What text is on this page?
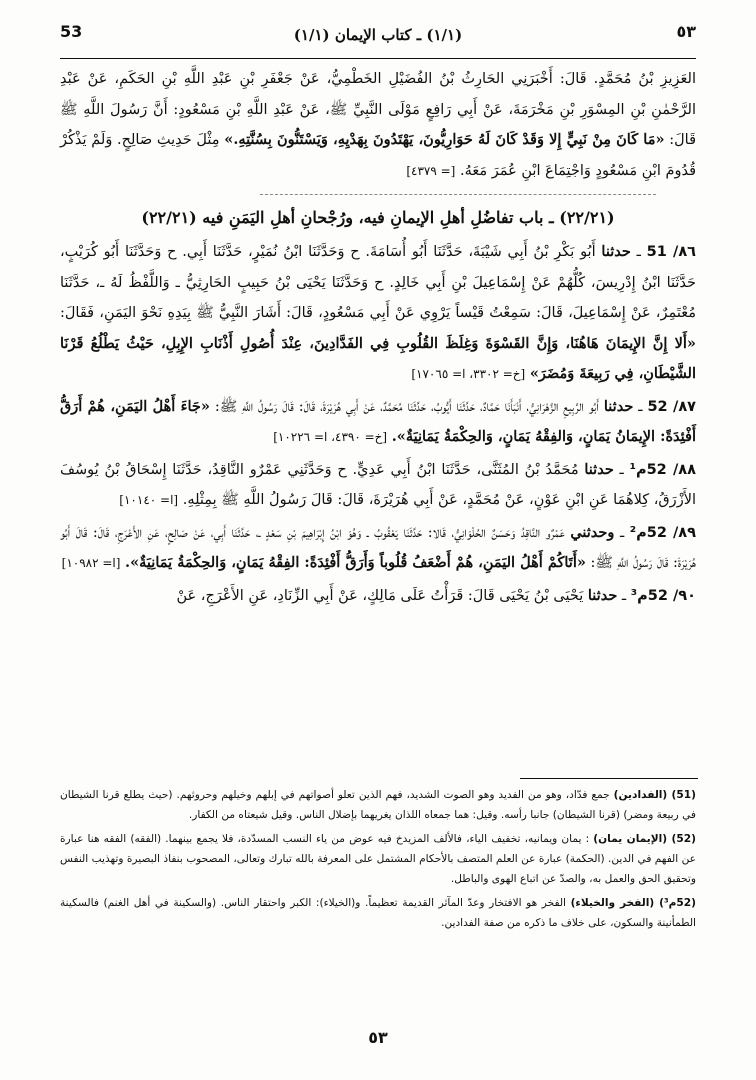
53	(١/١) ـ كتاب الإيمان (١/١)	٥٣

العَزِيزِ بْنُ مُحَمَّدٍ. قَالَ: أَخْبَرَنِي الحَارِثُ بْنُ الفُضَيْلِ الخَطْمِيُّ، عَنْ جَعْفَرِ بْنِ عَبْدِ اللَّهِ بْنِ الحَكَمِ، عَنْ عَبْدِ الرَّحْمٰنِ بْنِ المِسْوَرِ بْنِ مَخْرَمَةَ، عَنْ أَبِي رَافِعٍ مَوْلَى النَّبِيِّ ﷺ، عَنْ عَبْدِ اللَّهِ بْنِ مَسْعُودٍ: أَنَّ رَسُولَ اللَّهِ ﷺ قَالَ: «مَا كَانَ مِنْ نَبِيٍّ إِلا وَقَدْ كَانَ لَهُ حَوَارِيُّونَ، يَهْتَدُونَ بِهَدْيِهِ، وَيَسْتَنُّونَ بِسُنَّتِهِ.» مِثْلَ حَدِيثِ صَالِحٍ. وَلَمْ يَذْكُرْ قُدُومَ ابْنِ مَسْعُودٍ وَاجْتِمَاعَ ابْنِ عُمَرَ مَعَهُ. [= ٤٣٧٩]

(٢٢/٢١) ـ باب تفاضُلِ أهلِ الإيمانِ فيه، ورُجْحانِ أهلِ اليَمَنِ فيه (٢٢/٢١)

٨٦/ 51 ـ حدثنا أَبُو بَكْرِ بْنُ أَبِي شَيْبَةَ، حَدَّثَنَا أَبُو أُسَامَةَ. ح وَحَدَّثَنَا ابْنُ نُمَيْرٍ، حَدَّثَنَا أَبِي. ح وَحَدَّثَنَا أَبُو كُرَيْبٍ، حَدَّثَنَا ابْنُ إِدْرِيسَ، كُلُّهُمْ عَنْ إِسْمَاعِيلَ بْنِ أَبِي خَالِدٍ. ح وَحَدَّثَنَا يَحْيَى بْنُ حَبِيبٍ الحَارِثِيُّ ـ وَاللَّفْظُ لَهُ ـ، حَدَّثَنَا مُعْتَمِرٌ، عَنْ إِسْمَاعِيلَ، قَالَ: سَمِعْتُ قَيْساً يَرْوِي عَنْ أَبِي مَسْعُودٍ، قَالَ: أَشَارَ النَّبِيُّ ﷺ بِيَدِهِ نَحْوَ اليَمَنِ، فَقَالَ: «أَلا إِنَّ الإِيمَانَ هَاهُنَا، وَإِنَّ القَسْوَةَ وَغِلَظَ القُلُوبِ فِي الفَدَّادِينَ، عِنْدَ أُصُولِ أَذْنَابِ الإِبِلِ، حَيْثُ يَطْلُعُ قَرْنَا الشَّيْطَانِ، فِي رَبِيعَةَ وَمُضَرَ» [خ= ٣٣٠٢، ا= ١٧٠٦٥]

٨٧/ 52 ـ حدثنا أَبُو الرَّبِيعِ الزَّهْرَانِيُّ، أَنْبَأَنَا حَمَّادٌ، حَدَّثَنَا أَيُّوبُ، حَدَّثَنَا مُحَمَّدٌ، عَنْ أَبِي هُرَيْرَةَ، قَالَ: قَالَ رَسُولُ اللَّهِ ﷺ: «جَاءَ أَهْلُ اليَمَنِ، هُمْ أَرَقُّ أَفْئِدَةً: الإِيمَانُ يَمَانٍ، وَالفِقْهُ يَمَانٍ، وَالحِكْمَةُ يَمَانِيَةٌ». [خ= ٤٣٩٠، ا= ١٠٢٢٦]

٨٨/ 52م¹ ـ حدثنا مُحَمَّدُ بْنُ المُثَنَّى، حَدَّثَنَا ابْنُ أَبِي عَدِيٍّ. ح وَحَدَّثَنِي عَمْرٌو النَّاقِدُ، حَدَّثَنَا إِسْحَاقُ بْنُ يُوسُفَ الأَزْرَقُ، كِلاهُمَا عَنِ ابْنِ عَوْنٍ، عَنْ مُحَمَّدٍ، عَنْ أَبِي هُرَيْرَةَ، قَالَ: قَالَ رَسُولُ اللَّهِ ﷺ بِمِثْلِهِ. [ا= ١٠١٤٠]

٨٩/ 52م² ـ وحدثني عَمْرٌو النَّاقِدُ وَحَسَنٌ الحُلْوَانِيُّ، قَالا: حَدَّثَنَا يَعْقُوبُ ـ وَهُوَ ابْنُ إِبْرَاهِيمَ بْنِ سَعْدٍ ـ، حَدَّثَنَا أَبِي، عَنْ صَالِحٍ، عَنِ الأَعْرَجِ، قَالَ: قَالَ أَبُو هُرَيْرَةَ: قَالَ رَسُولُ اللَّهِ ﷺ: «أَتَاكُمْ أَهْلُ اليَمَنِ، هُمْ أَضْعَفُ قُلُوباً وَأَرَقُّ أَفْئِدَةً: الفِقْهُ يَمَانٍ، وَالحِكْمَةُ يَمَانِيَةٌ». [ا= ١٠٩٨٢]

٩٠/ 52م³ ـ حدثنا يَحْيَى بْنُ يَحْيَى قَالَ: قَرَأْتُ عَلَى مَالِكٍ، عَنْ أَبِي الزِّنَادِ، عَنِ الأَعْرَجِ، عَنْ

(51) (الفدادين) جمع فدّاد، وهو من الفديد وهو الصوت الشديد، فهم الذين تعلو أصواتهم في إبلهم وخيلهم وحروثهم. (حيث يطلع قرنا الشيطان في ربيعة ومضر) (قرنا الشيطان) جانبا رأسه. وقيل: هما جمعاه اللذان يغريهما بإضلال الناس. وقيل شيعتاه من الكفار.

(52) (الإيمان يمان) : يمان ويمانيه، تخفيف الياء، فالألف المزيدخ فيه عوض من ياء النسب المسدّدة، فلا يجمع بينهما. (الفقه) الفقه هنا عبارة عن الفهم في الدين. (الحكمة) عبارة عن العلم المتصف بالأحكام المشتمل على المعرفة بالله تبارك وتعالى، المصحوب بنفاذ البصيرة وتهذيب النفس وتحقيق الحق والعمل به، والصدّ عن اتباع الهوى والباطل.

(52م³) (الفخر والخيلاء) الفخر هو الافتخار وعدّ المآثر القديمة تعظيماً. و(الخيلاء): الكبر واحتقار الناس. (والسكينة في أهل الغنم) فالسكينة الطمأنينة والسكون، على خلاف ما ذكره من صفة الفدادين.

٥٣
